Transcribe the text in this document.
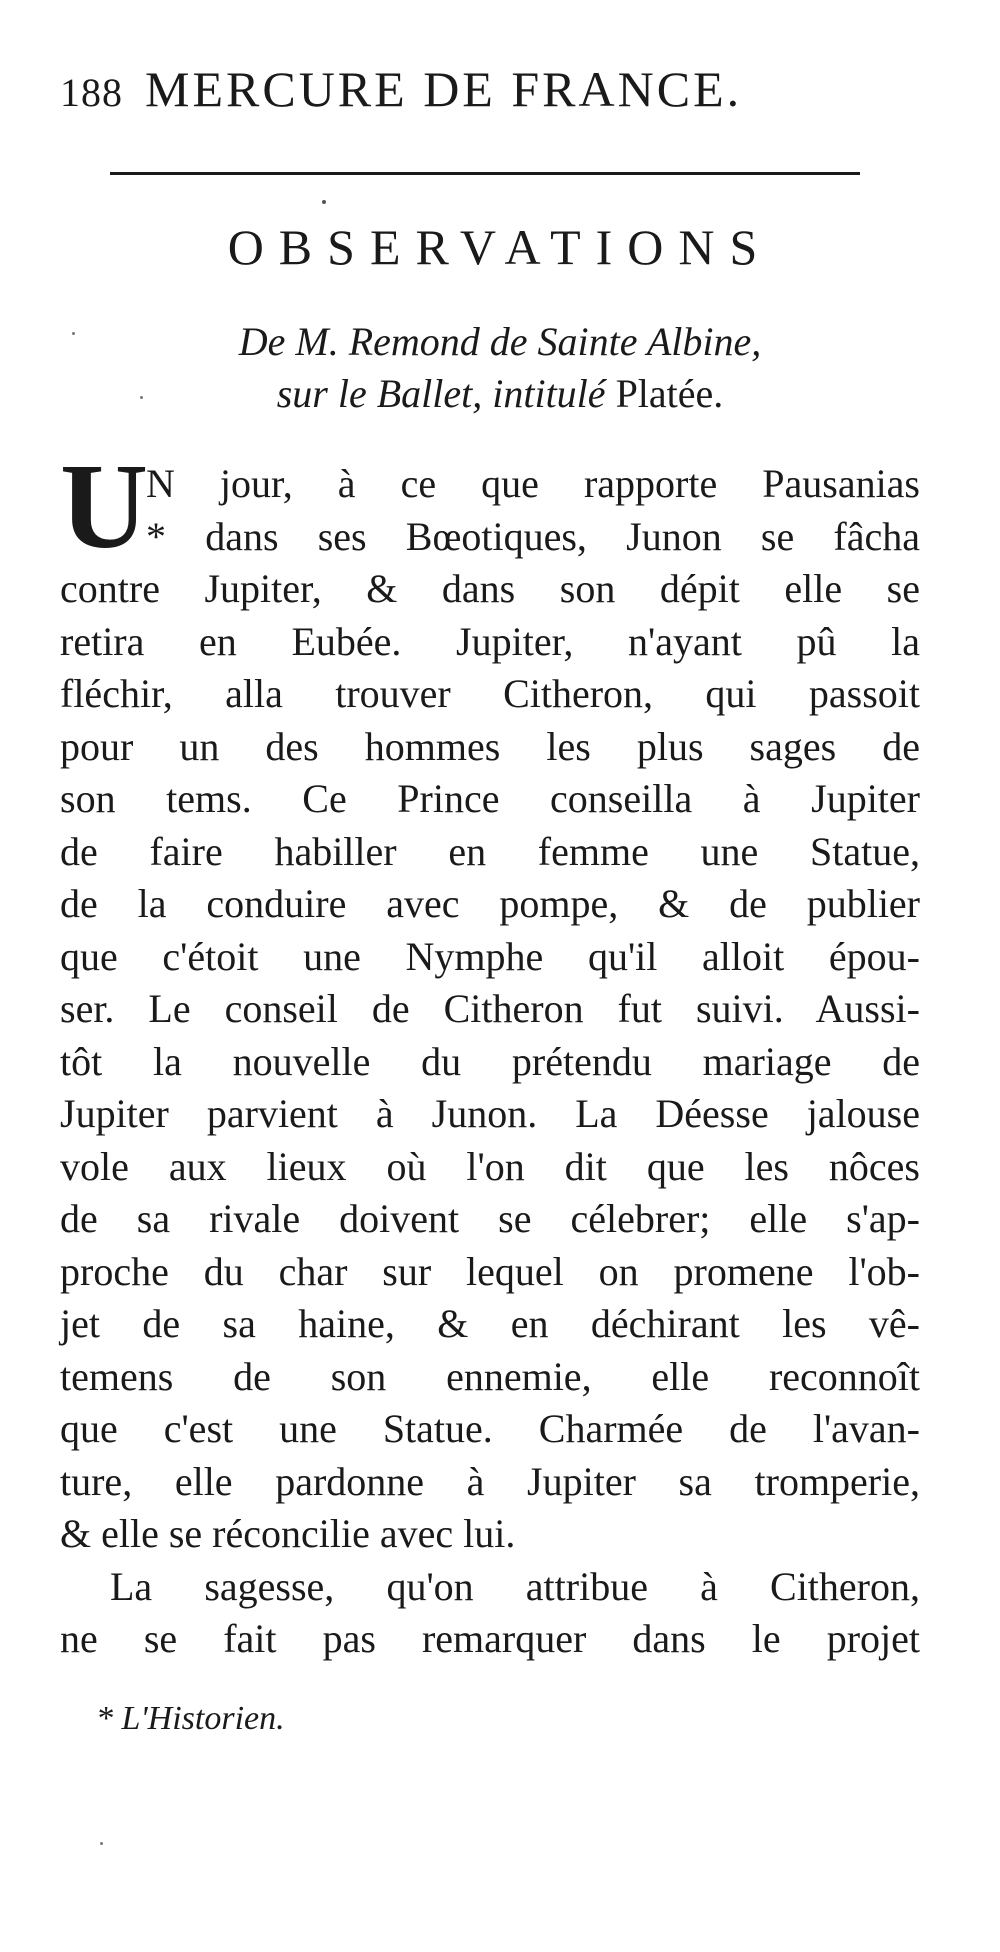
188 MERCURE DE FRANCE.
OBSERVATIONS
De M. Remond de Sainte Albine,
sur le Ballet, intitulé Platée.
U
N jour, à ce que rapporte Pausanias
* dans ses Bœotiques, Junon se fâcha
contre Jupiter, & dans son dépit elle se
retira en Eubée. Jupiter, n'ayant pû la
fléchir, alla trouver Citheron, qui passoit
pour un des hommes les plus sages de
son tems. Ce Prince conseilla à Jupiter
de faire habiller en femme une Statue,
de la conduire avec pompe, & de publier
que c'étoit une Nymphe qu'il alloit épou-
ser. Le conseil de Citheron fut suivi. Aussi-
tôt la nouvelle du prétendu mariage de
Jupiter parvient à Junon. La Déesse jalouse
vole aux lieux où l'on dit que les nôces
de sa rivale doivent se célebrer; elle s'ap-
proche du char sur lequel on promene l'ob-
jet de sa haine, & en déchirant les vê-
temens de son ennemie, elle reconnoît
que c'est une Statue. Charmée de l'avan-
ture, elle pardonne à Jupiter sa tromperie,
& elle se réconcilie avec lui.
La sagesse, qu'on attribue à Citheron,
ne se fait pas remarquer dans le projet
* L'Historien.
